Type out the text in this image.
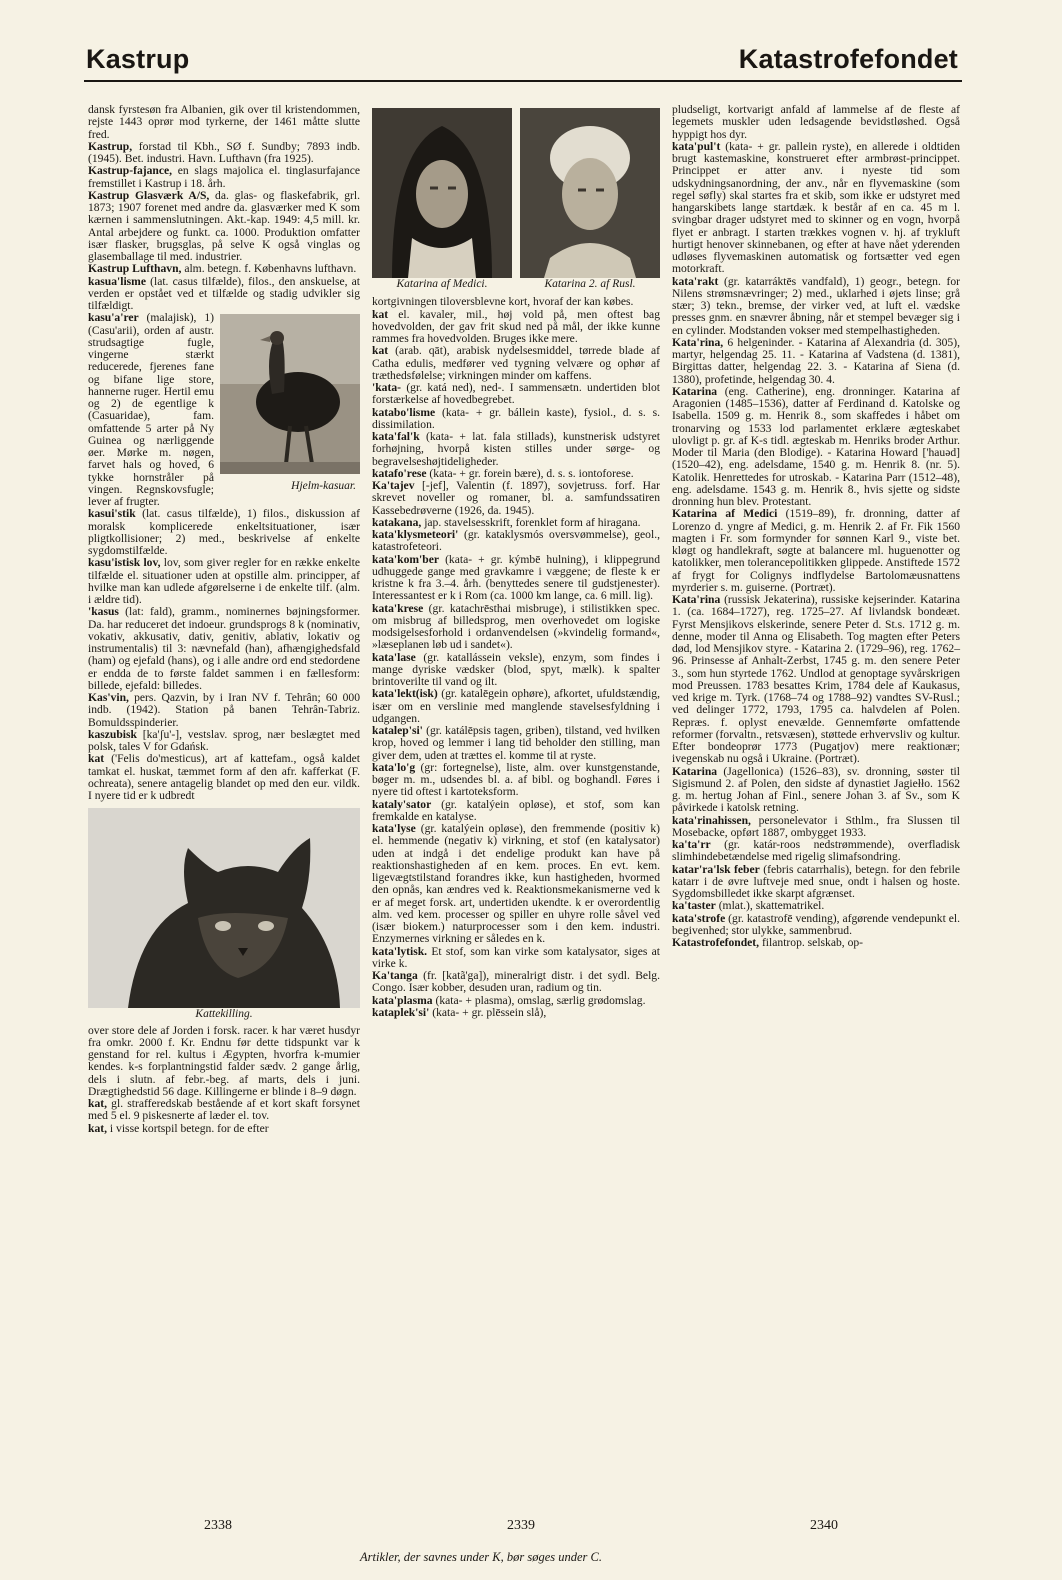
Kastrup	Katastrofefondet

dansk fyrstesøn fra Albanien, gik over til kristendommen, rejste 1443 oprør mod tyrkerne, der 1461 måtte slutte fred.

Kastrup, forstad til Kbh., SØ f. Sundby; 7893 indb. (1945). Bet. industri. Havn. Lufthavn (fra 1925).

Kastrup-fajance, en slags majolica el. tinglasurfajance fremstillet i Kastrup i 18. årh.

Kastrup Glasværk A/S, da. glas- og flaskefabrik, grl. 1873; 1907 forenet med andre da. glasværker med K som kærnen i sammenslutningen. Akt.-kap. 1949: 4,5 mill. kr. Antal arbejdere og funkt. ca. 1000. Produktion omfatter især flasker, brugsglas, på selve K også vinglas og glasemballage til med. industrier.

Kastrup Lufthavn, alm. betegn. f. Københavns lufthavn.

kasua'lisme (lat. casus tilfælde), filos., den anskuelse, at verden er opstået ved et tilfælde og stadig udvikler sig tilfældigt.

Hjelm-kasuar.

kasu'a'rer (malajisk), 1) (Casu'arii), orden af austr. strudsagtige fugle, vingerne stærkt reducerede, fjerenes fane og bifane lige store, hannerne ruger. Hertil emu og 2) de egentlige k (Casuaridae), fam. omfattende 5 arter på Ny Guinea og nærliggende øer. Mørke m. nøgen, farvet hals og hoved, 6 tykke hornstråler på vingen. Regnskovsfugle; lever af frugter.

kasui'stik (lat. casus tilfælde), 1) filos., diskussion af moralsk komplicerede enkeltsituationer, især pligtkollisioner; 2) med., beskrivelse af enkelte sygdomstilfælde.

kasu'istisk lov, lov, som giver regler for en række enkelte tilfælde el. situationer uden at opstille alm. principper, af hvilke man kan udlede afgørelserne i de enkelte tilf. (alm. i ældre tid).

'kasus (lat: fald), gramm., nominernes bøjningsformer. Da. har reduceret det indoeur. grundsprogs 8 k (nominativ, vokativ, akkusativ, dativ, genitiv, ablativ, lokativ og instrumentalis) til 3: nævnefald (han), afhængighedsfald (ham) og ejefald (hans), og i alle andre ord end stedordene er endda de to første faldet sammen i en fællesform: billede, ejefald: billedes.

Kas'vin, pers. Qazvin, by i Iran NV f. Tehrân; 60 000 indb. (1942). Station på banen Tehrân-Tabriz. Bomuldsspinderier.

kaszubisk [ka'ʃu'-], vestslav. sprog, nær beslægtet med polsk, tales V for Gdańsk.

kat ('Felis do'mesticus), art af kattefam., også kaldet tamkat el. huskat, tæmmet form af den afr. kafferkat (F. ochreata), senere antagelig blandet op med den eur. vildk. I nyere tid er k udbredt

Kattekilling.

over store dele af Jorden i forsk. racer. k har været husdyr fra omkr. 2000 f. Kr. Endnu før dette tidspunkt var k genstand for rel. kultus i Ægypten, hvorfra k-mumier kendes. k-s forplantningstid falder sædv. 2 gange årlig, dels i slutn. af febr.-beg. af marts, dels i juni. Drægtighedstid 56 dage. Killingerne er blinde i 8–9 døgn.

kat, gl. strafferedskab bestående af et kort skaft forsynet med 5 el. 9 piskesnerte af læder el. tov.

kat, i visse kortspil betegn. for de efter

Katarina af Medici.	Katarina 2. af Rusl.

kortgivningen tiloversblevne kort, hvoraf der kan købes.

kat el. kavaler, mil., høj vold på, men oftest bag hovedvolden, der gav frit skud ned på mål, der ikke kunne rammes fra hovedvolden. Bruges ikke mere.

kat (arab. qāt), arabisk nydelsesmiddel, tørrede blade af Catha edulis, medfører ved tygning velvære og ophør af træthedsfølelse; virkningen minder om kaffens.

'kata- (gr. katá ned), ned-. I sammensætn. undertiden blot forstærkelse af hovedbegrebet.

katabo'lisme (kata- + gr. bállein kaste), fysiol., d. s. s. dissimilation.

kata'fal'k (kata- + lat. fala stillads), kunstnerisk udstyret forhøjning, hvorpå kisten stilles under sørge- og begravelseshøjtideligheder.

katafo'rese (kata- + gr. forein bære), d. s. s. iontoforese.

Ka'tajev [-jef], Valentin (f. 1897), sovjetruss. forf. Har skrevet noveller og romaner, bl. a. samfundssatiren Kassebedrøverne (1926, da. 1945).

katakana, jap. stavelsesskrift, forenklet form af hiragana.

kata'klysmeteori' (gr. kataklysmós oversvømmelse), geol., katastrofeteori.

kata'kom'ber (kata- + gr. kýmbē hulning), i klippegrund udhuggede gange med gravkamre i væggene; de fleste k er kristne k fra 3.–4. årh. (benyttedes senere til gudstjenester). Interessantest er k i Rom (ca. 1000 km lange, ca. 6 mill. lig).

kata'krese (gr. katachrēsthai misbruge), i stilistikken spec. om misbrug af billedsprog, men overhovedet om logiske modsigelsesforhold i ordanvendelsen (»kvindelig formand«, »læseplanen løb ud i sandet«).

kata'lase (gr. katallássein veksle), enzym, som findes i mange dyriske vædsker (blod, spyt, mælk). k spalter brintoverilte til vand og ilt.

kata'lekt(isk) (gr. katalēgein ophøre), afkortet, ufuldstændig, især om en verslinie med manglende stavelsesfyldning i udgangen.

katalep'si' (gr. katálēpsis tagen, griben), tilstand, ved hvilken krop, hoved og lemmer i lang tid beholder den stilling, man giver dem, uden at trættes el. komme til at ryste.

kata'lo'g (gr: fortegnelse), liste, alm. over kunstgenstande, bøger m. m., udsendes bl. a. af bibl. og boghandl. Føres i nyere tid oftest i kartoteksform.

kataly'sator (gr. katalýein opløse), et stof, som kan fremkalde en katalyse.

kata'lyse (gr. katalýein opløse), den fremmende (positiv k) el. hemmende (negativ k) virkning, et stof (en katalysator) uden at indgå i det endelige produkt kan have på reaktionshastigheden af en kem. proces. En evt. kem. ligevægtstilstand forandres ikke, kun hastigheden, hvormed den opnås, kan ændres ved k. Reaktionsmekanismerne ved k er af meget forsk. art, undertiden ukendte. k er overordentlig alm. ved kem. processer og spiller en uhyre rolle såvel ved (især biokem.) naturprocesser som i den kem. industri. Enzymernes virkning er således en k.

kata'lytisk. Et stof, som kan virke som katalysator, siges at virke k.

Ka'tanga (fr. [katã'ga]), mineralrigt distr. i det sydl. Belg. Congo. Især kobber, desuden uran, radium og tin.

kata'plasma (kata- + plasma), omslag, særlig grødomslag.

kataplek'si' (kata- + gr. plēssein slå),

pludseligt, kortvarigt anfald af lammelse af de fleste af legemets muskler uden ledsagende bevidstløshed. Også hyppigt hos dyr.

kata'pul't (kata- + gr. pallein ryste), en allerede i oldtiden brugt kastemaskine, konstrueret efter armbrøst-princippet. Princippet er atter anv. i nyeste tid som udskydningsanordning, der anv., når en flyvemaskine (som regel søfly) skal startes fra et skib, som ikke er udstyret med hangarskibets lange startdæk. k består af en ca. 45 m l. svingbar drager udstyret med to skinner og en vogn, hvorpå flyet er anbragt. I starten trækkes vognen v. hj. af trykluft hurtigt henover skinnebanen, og efter at have nået yderenden udløses flyvemaskinen automatisk og fortsætter ved egen motorkraft.

kata'rakt (gr. katarráktēs vandfald), 1) geogr., betegn. for Nilens strømsnævringer; 2) med., uklarhed i øjets linse; grå stær; 3) tekn., bremse, der virker ved, at luft el. vædske presses gnm. en snævrer åbning, når et stempel bevæger sig i en cylinder. Modstanden vokser med stempelhastigheden.

Kata'rina, 6 helgeninder. - Katarina af Alexandria (d. 305), martyr, helgendag 25. 11. - Katarina af Vadstena (d. 1381), Birgittas datter, helgendag 22. 3. - Katarina af Siena (d. 1380), profetinde, helgendag 30. 4.

Katarina (eng. Catherine), eng. dronninger. Katarina af Aragonien (1485–1536), datter af Ferdinand d. Katolske og Isabella. 1509 g. m. Henrik 8., som skaffedes i håbet om tronarving og 1533 lod parlamentet erklære ægteskabet ulovligt p. gr. af K-s tidl. ægteskab m. Henriks broder Arthur. Moder til Maria (den Blodige). - Katarina Howard ['hauəd] (1520–42), eng. adelsdame, 1540 g. m. Henrik 8. (nr. 5). Katolik. Henrettedes for utroskab. - Katarina Parr (1512–48), eng. adelsdame. 1543 g. m. Henrik 8., hvis sjette og sidste dronning hun blev. Protestant.

Katarina af Medici (1519–89), fr. dronning, datter af Lorenzo d. yngre af Medici, g. m. Henrik 2. af Fr. Fik 1560 magten i Fr. som formynder for sønnen Karl 9., viste bet. kløgt og handlekraft, søgte at balancere ml. huguenotter og katolikker, men tolerancepolitikken glippede. Anstiftede 1572 af frygt for Colignys indflydelse Bartolomæusnattens myrderier s. m. guiserne. (Portræt).

Kata'rina (russisk Jekaterina), russiske kejserinder. Katarina 1. (ca. 1684–1727), reg. 1725–27. Af livlandsk bondeæt. Fyrst Mensjikovs elskerinde, senere Peter d. St.s. 1712 g. m. denne, moder til Anna og Elisabeth. Tog magten efter Peters død, lod Mensjikov styre. - Katarina 2. (1729–96), reg. 1762–96. Prinsesse af Anhalt-Zerbst, 1745 g. m. den senere Peter 3., som hun styrtede 1762. Undlod at genoptage syvårskrigen mod Preussen. 1783 besattes Krim, 1784 dele af Kaukasus, ved krige m. Tyrk. (1768–74 og 1788–92) vandtes SV-Rusl.; ved delinger 1772, 1793, 1795 ca. halvdelen af Polen. Repræs. f. oplyst enevælde. Gennemførte omfattende reformer (forvaltn., retsvæsen), støttede erhvervsliv og kultur. Efter bondeoprør 1773 (Pugatjov) mere reaktionær; ivegenskab nu også i Ukraine. (Portræt).

Katarina (Jagellonica) (1526–83), sv. dronning, søster til Sigismund 2. af Polen, den sidste af dynastiet Jagiełło. 1562 g. m. hertug Johan af Finl., senere Johan 3. af Sv., som K påvirkede i katolsk retning.

kata'rinahissen, personelevator i Sthlm., fra Slussen til Mosebacke, opført 1887, ombygget 1933.

ka'ta'rr (gr. katár-roos nedstrømmende), overfladisk slimhindebetændelse med rigelig slimafsondring.

katar'ra'lsk feber (febris catarrhalis), betegn. for den febrile katarr i de øvre luftveje med snue, ondt i halsen og hoste. Sygdomsbilledet ikke skarpt afgrænset.

ka'taster (mlat.), skattematrikel.

kata'strofe (gr. katastrofē vending), afgørende vendepunkt el. begivenhed; stor ulykke, sammenbrud.

Katastrofefondet, filantrop. selskab, op-

2338	2339	2340
Artikler, der savnes under K, bør søges under C.
